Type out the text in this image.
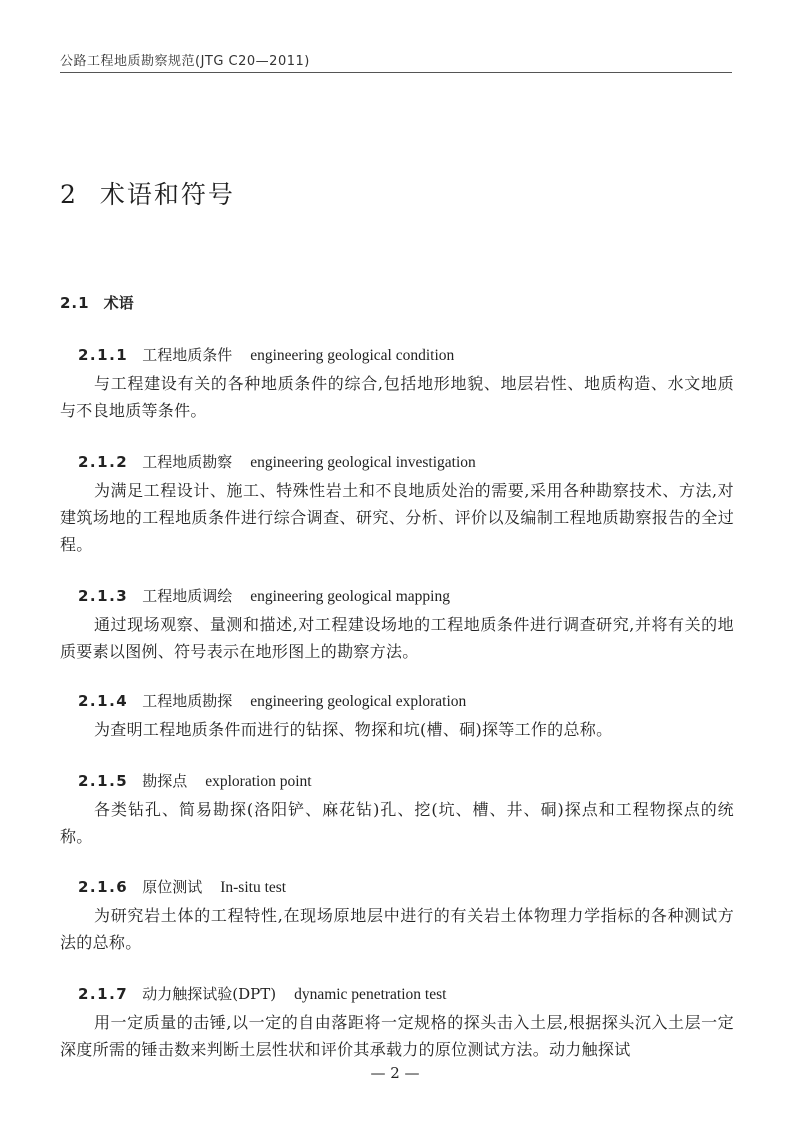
公路工程地质勘察规范(JTG C20—2011)
2 术语和符号
2.1 术语
2.1.1 工程地质条件 engineering geological condition

与工程建设有关的各种地质条件的综合,包括地形地貌、地层岩性、地质构造、水文地质与不良地质等条件。

2.1.2 工程地质勘察 engineering geological investigation

为满足工程设计、施工、特殊性岩土和不良地质处治的需要,采用各种勘察技术、方法,对建筑场地的工程地质条件进行综合调查、研究、分析、评价以及编制工程地质勘察报告的全过程。

2.1.3 工程地质调绘 engineering geological mapping

通过现场观察、量测和描述,对工程建设场地的工程地质条件进行调查研究,并将有关的地质要素以图例、符号表示在地形图上的勘察方法。

2.1.4 工程地质勘探 engineering geological exploration

为查明工程地质条件而进行的钻探、物探和坑(槽、硐)探等工作的总称。

2.1.5 勘探点 exploration point

各类钻孔、简易勘探(洛阳铲、麻花钻)孔、挖(坑、槽、井、硐)探点和工程物探点的统称。

2.1.6 原位测试 In-situ test

为研究岩土体的工程特性,在现场原地层中进行的有关岩土体物理力学指标的各种测试方法的总称。

2.1.7 动力触探试验(DPT) dynamic penetration test

用一定质量的击锤,以一定的自由落距将一定规格的探头击入土层,根据探头沉入土层一定深度所需的锤击数来判断土层性状和评价其承载力的原位测试方法。动力触探试

— 2 —
